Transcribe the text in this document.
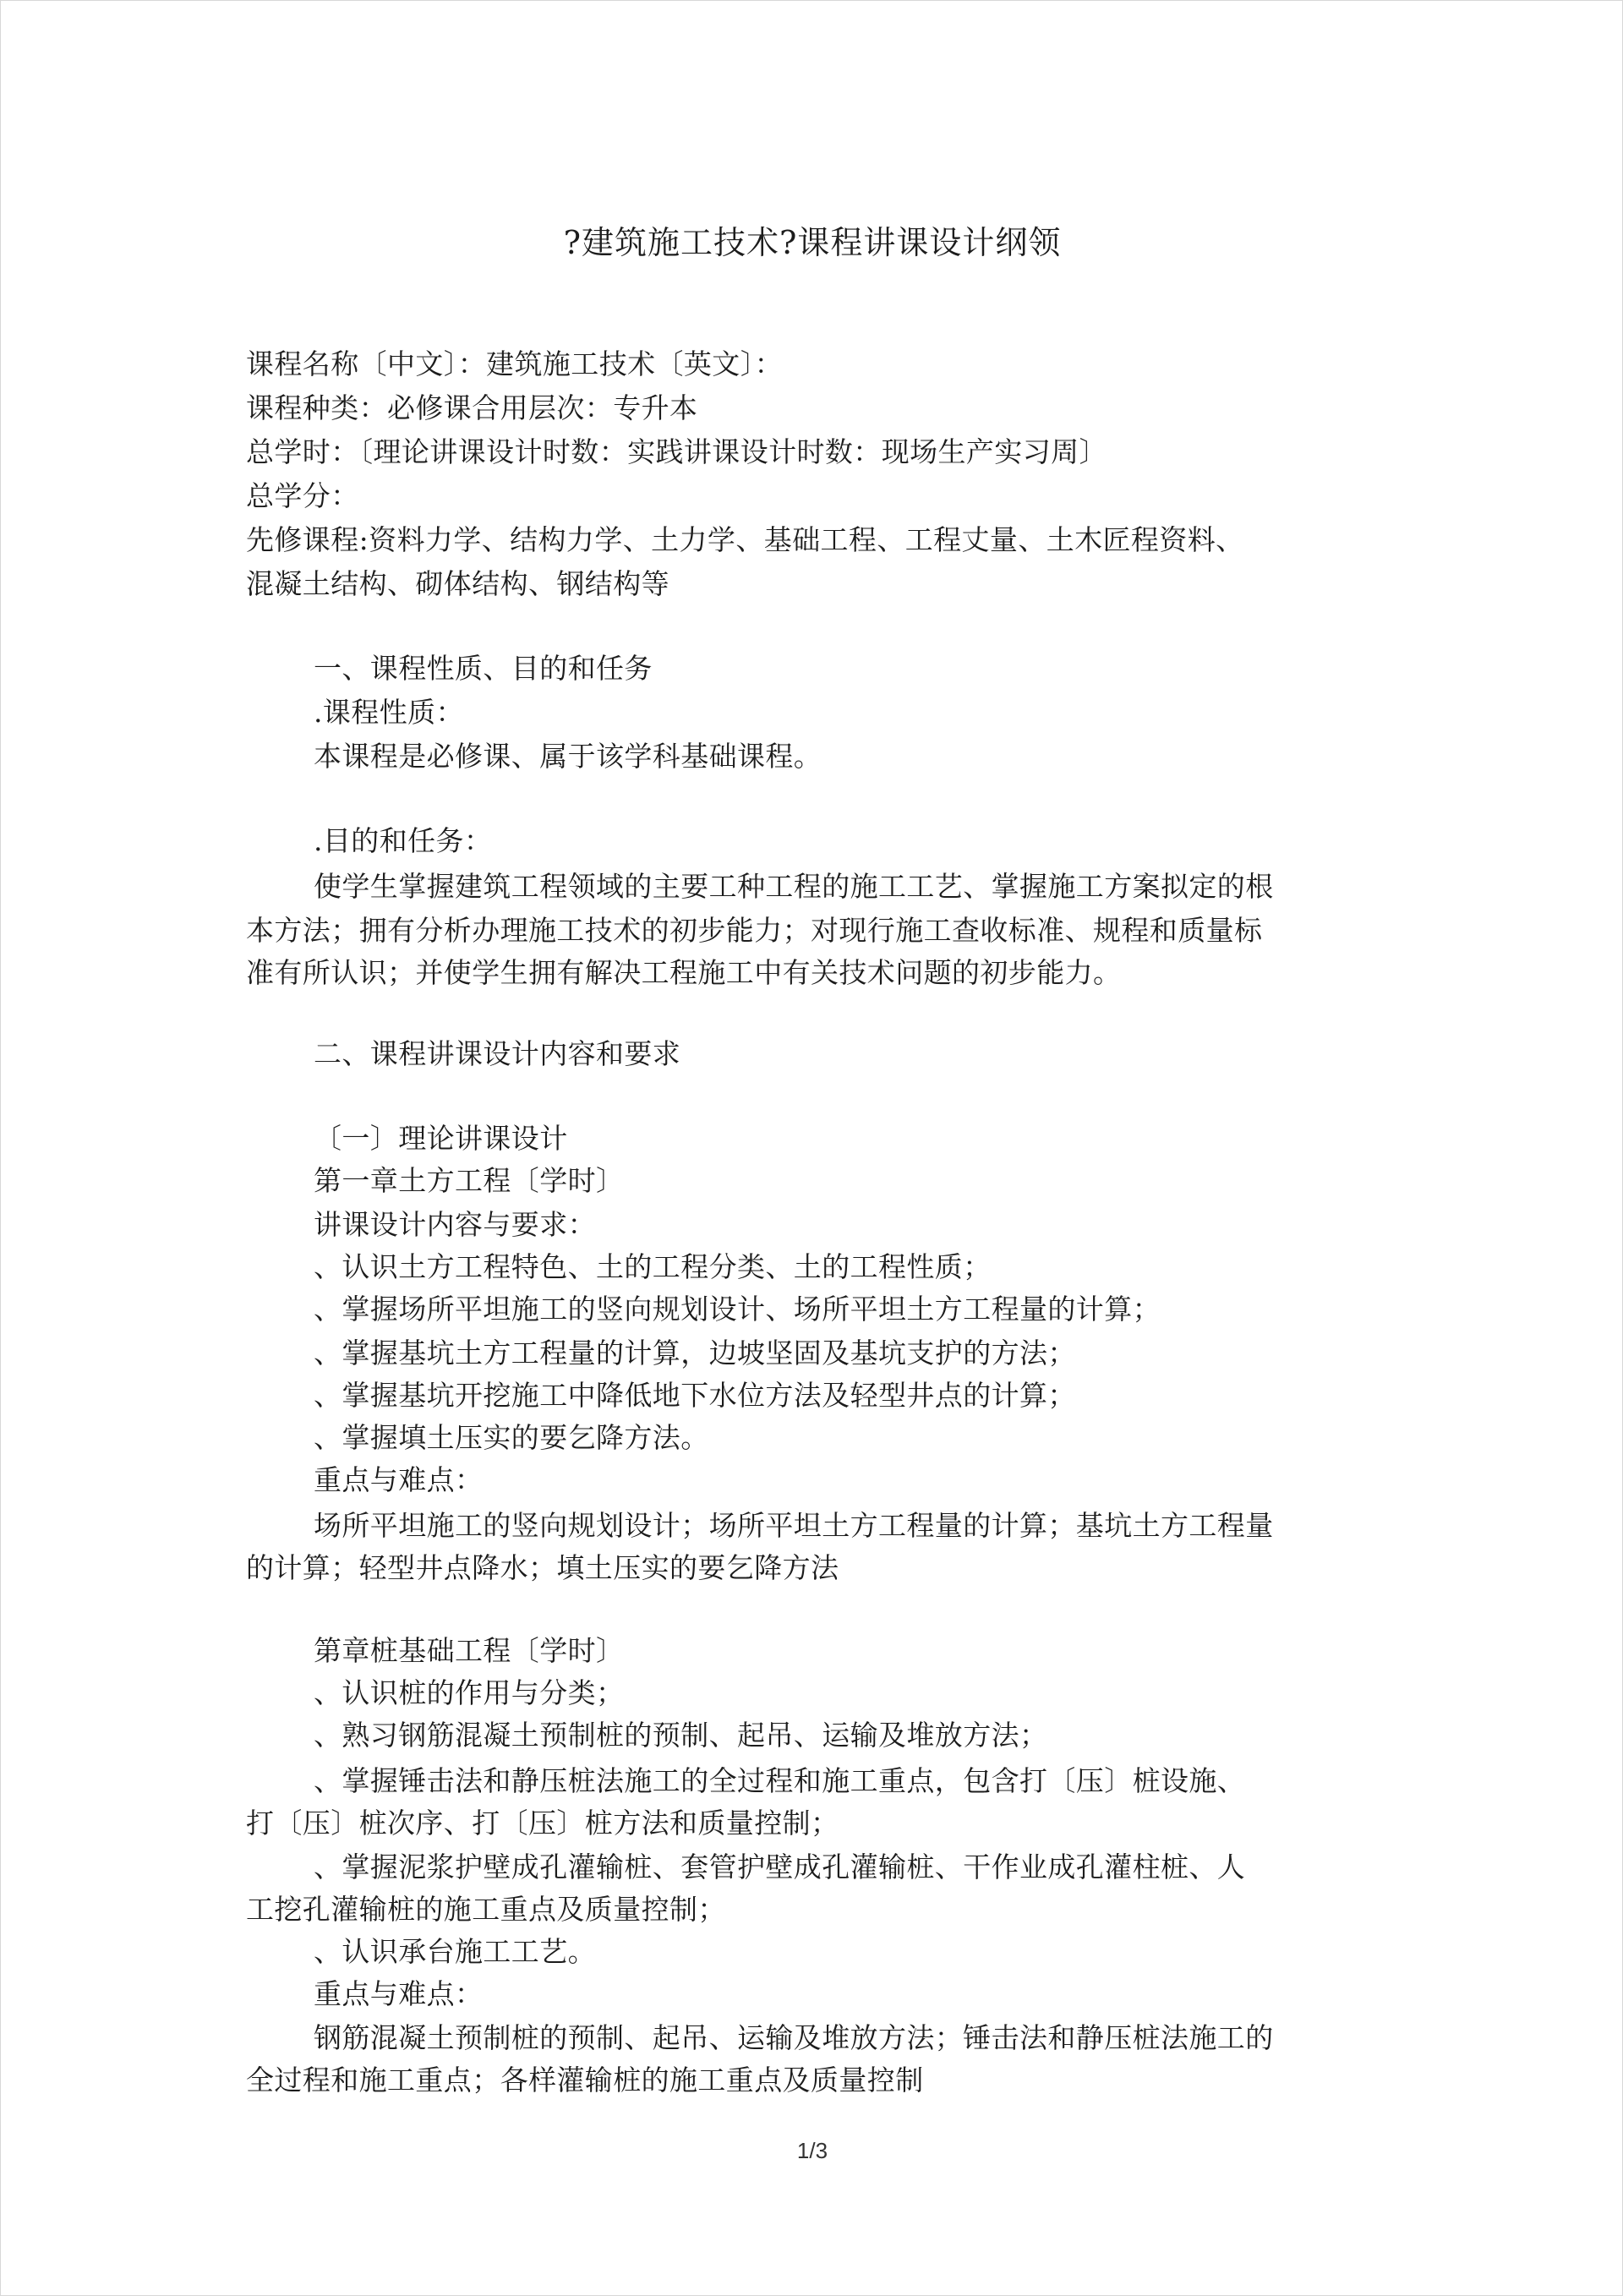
?建筑施工技术?课程讲课设计纲领
课程名称〔中文〕：建筑施工技术〔英文〕：
课程种类：必修课合用层次：专升本
总学时：〔理论讲课设计时数：实践讲课设计时数：现场生产实习周〕
总学分：
先修课程:资料力学、结构力学、土力学、基础工程、工程丈量、土木匠程资料、
混凝土结构、砌体结构、钢结构等
一、课程性质、目的和任务
.课程性质：
本课程是必修课、属于该学科基础课程。
.目的和任务：
使学生掌握建筑工程领域的主要工种工程的施工工艺、掌握施工方案拟定的根
本方法；拥有分析办理施工技术的初步能力；对现行施工查收标准、规程和质量标
准有所认识；并使学生拥有解决工程施工中有关技术问题的初步能力。
二、课程讲课设计内容和要求
〔一〕理论讲课设计
第一章土方工程〔学时〕
讲课设计内容与要求：
、认识土方工程特色、土的工程分类、土的工程性质；
、掌握场所平坦施工的竖向规划设计、场所平坦土方工程量的计算；
、掌握基坑土方工程量的计算，边坡坚固及基坑支护的方法；
、掌握基坑开挖施工中降低地下水位方法及轻型井点的计算；
、掌握填土压实的要乞降方法。
重点与难点：
场所平坦施工的竖向规划设计；场所平坦土方工程量的计算；基坑土方工程量
的计算；轻型井点降水；填土压实的要乞降方法
第章桩基础工程〔学时〕
、认识桩的作用与分类；
、熟习钢筋混凝土预制桩的预制、起吊、运输及堆放方法；
、掌握锤击法和静压桩法施工的全过程和施工重点，包含打〔压〕桩设施、
打〔压〕桩次序、打〔压〕桩方法和质量控制；
、掌握泥浆护壁成孔灌输桩、套管护壁成孔灌输桩、干作业成孔灌柱桩、人
工挖孔灌输桩的施工重点及质量控制；
、认识承台施工工艺。
重点与难点：
钢筋混凝土预制桩的预制、起吊、运输及堆放方法；锤击法和静压桩法施工的
全过程和施工重点；各样灌输桩的施工重点及质量控制
1/3
